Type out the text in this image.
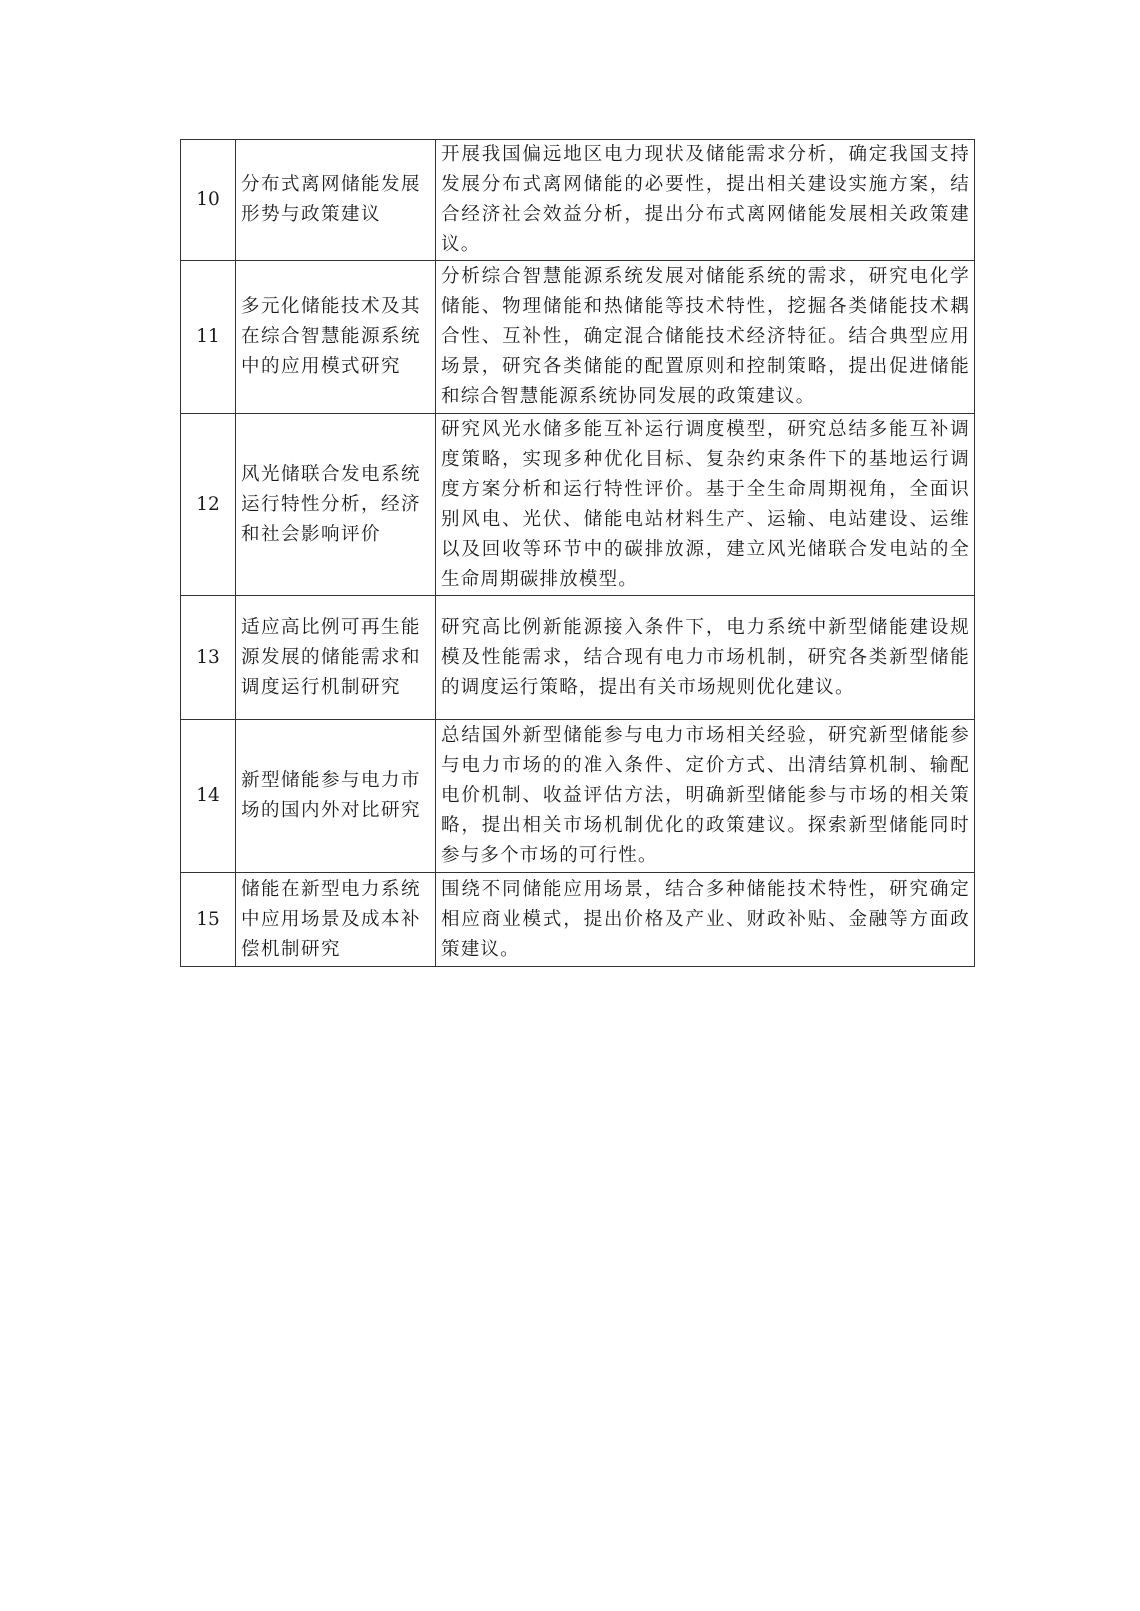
10	分布式离网储能发展形势与政策建议	开展我国偏远地区电力现状及储能需求分析，确定我国支持发展分布式离网储能的必要性，提出相关建设实施方案，结合经济社会效益分析，提出分布式离网储能发展相关政策建议。
11	多元化储能技术及其在综合智慧能源系统中的应用模式研究	分析综合智慧能源系统发展对储能系统的需求，研究电化学储能、物理储能和热储能等技术特性，挖掘各类储能技术耦合性、互补性，确定混合储能技术经济特征。结合典型应用场景，研究各类储能的配置原则和控制策略，提出促进储能和综合智慧能源系统协同发展的政策建议。
12	风光储联合发电系统运行特性分析，经济和社会影响评价	研究风光水储多能互补运行调度模型，研究总结多能互补调度策略，实现多种优化目标、复杂约束条件下的基地运行调度方案分析和运行特性评价。基于全生命周期视角，全面识别风电、光伏、储能电站材料生产、运输、电站建设、运维以及回收等环节中的碳排放源，建立风光储联合发电站的全生命周期碳排放模型。
13	适应高比例可再生能源发展的储能需求和调度运行机制研究	研究高比例新能源接入条件下，电力系统中新型储能建设规模及性能需求，结合现有电力市场机制，研究各类新型储能的调度运行策略，提出有关市场规则优化建议。
14	新型储能参与电力市场的国内外对比研究	总结国外新型储能参与电力市场相关经验，研究新型储能参与电力市场的的准入条件、定价方式、出清结算机制、输配电价机制、收益评估方法，明确新型储能参与市场的相关策略，提出相关市场机制优化的政策建议。探索新型储能同时参与多个市场的可行性。
15	储能在新型电力系统中应用场景及成本补偿机制研究	围绕不同储能应用场景，结合多种储能技术特性，研究确定相应商业模式，提出价格及产业、财政补贴、金融等方面政策建议。
